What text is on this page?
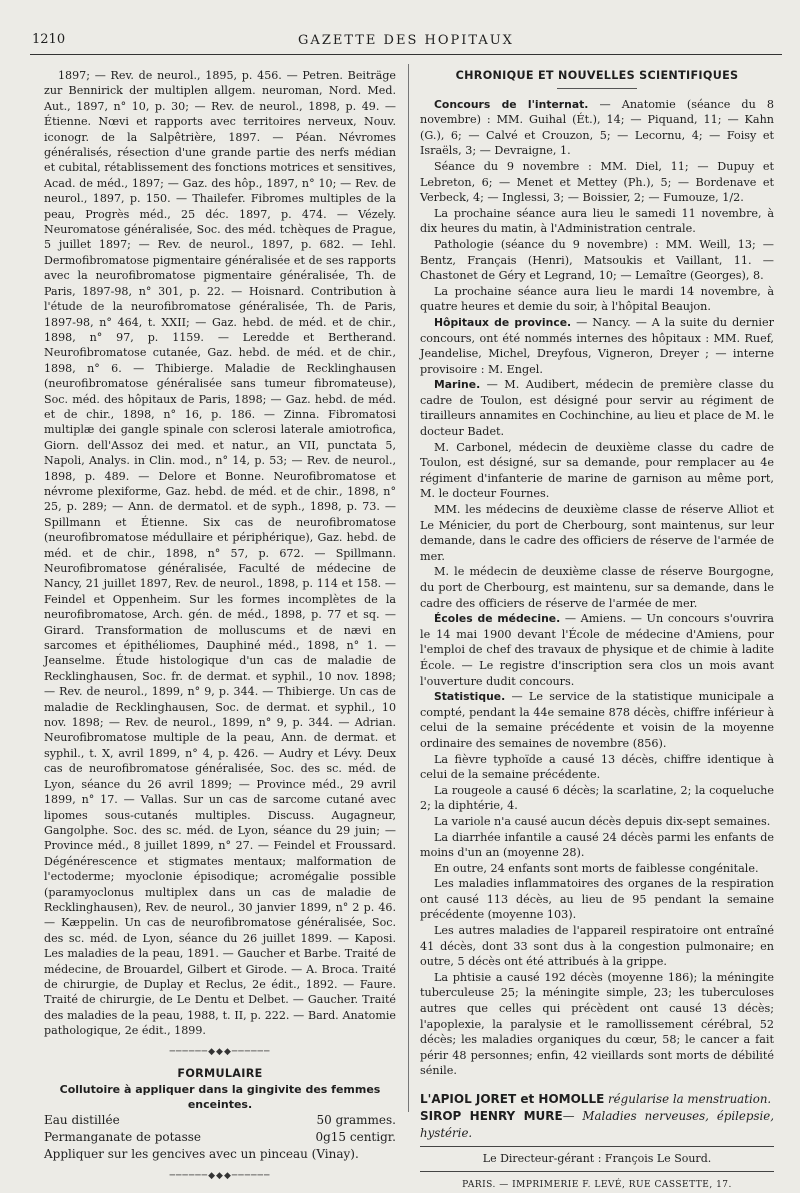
1210	GAZETTE DES HOPITAUX

1897; — Rev. de neurol., 1895, p. 456. — Petren. Beiträge zur Bennirick der multiplen allgem. neuroman, Nord. Med. Aut., 1897, n° 10, p. 30; — Rev. de neurol., 1898, p. 49. — Étienne. Nœvi et rapports avec territoires nerveux, Nouv. iconogr. de la Salpêtrière, 1897. — Péan. Névromes généralisés, résection d'une grande partie des nerfs médian et cubital, rétablissement des fonctions motrices et sensitives, Acad. de méd., 1897; — Gaz. des hôp., 1897, n° 10; — Rev. de neurol., 1897, p. 150. — Thailefer. Fibromes multiples de la peau, Progrès méd., 25 déc. 1897, p. 474. — Vézely. Neuromatose généralisée, Soc. des méd. tchèques de Prague, 5 juillet 1897; — Rev. de neurol., 1897, p. 682. — Iehl. Dermofibromatose pigmentaire généralisée et de ses rapports avec la neurofibromatose pigmentaire généralisée, Th. de Paris, 1897-98, n° 301, p. 22. — Hoisnard. Contribution à l'étude de la neurofibromatose généralisée, Th. de Paris, 1897-98, n° 464, t. XXII; — Gaz. hebd. de méd. et de chir., 1898, n° 97, p. 1159. — Leredde et Bertherand. Neurofibromatose cutanée, Gaz. hebd. de méd. et de chir., 1898, n° 6. — Thibierge. Maladie de Recklinghausen (neurofibromatose généralisée sans tumeur fibromateuse), Soc. méd. des hôpitaux de Paris, 1898; — Gaz. hebd. de méd. et de chir., 1898, n° 16, p. 186. — Zinna. Fibromatosi multiplæ dei gangle spinale con sclerosi laterale amiotrofica, Giorn. dell'Assoz dei med. et natur., an VII, punctata 5, Napoli, Analys. in Clin. mod., n° 14, p. 53; — Rev. de neurol., 1898, p. 489. — Delore et Bonne. Neurofibromatose et névrome plexiforme, Gaz. hebd. de méd. et de chir., 1898, n° 25, p. 289; — Ann. de dermatol. et de syph., 1898, p. 73. — Spillmann et Étienne. Six cas de neurofibromatose (neurofibromatose médullaire et périphérique), Gaz. hebd. de méd. et de chir., 1898, n° 57, p. 672. — Spillmann. Neurofibromatose généralisée, Faculté de médecine de Nancy, 21 juillet 1897, Rev. de neurol., 1898, p. 114 et 158. — Feindel et Oppenheim. Sur les formes incomplètes de la neurofibromatose, Arch. gén. de méd., 1898, p. 77 et sq. — Girard. Transformation de molluscums et de nævi en sarcomes et épithéliomes, Dauphiné méd., 1898, n° 1. — Jeanselme. Étude histologique d'un cas de maladie de Recklinghausen, Soc. fr. de dermat. et syphil., 10 nov. 1898; — Rev. de neurol., 1899, n° 9, p. 344. — Thibierge. Un cas de maladie de Recklinghausen, Soc. de dermat. et syphil., 10 nov. 1898; — Rev. de neurol., 1899, n° 9, p. 344. — Adrian. Neurofibromatose multiple de la peau, Ann. de dermat. et syphil., t. X, avril 1899, n° 4, p. 426. — Audry et Lévy. Deux cas de neurofibromatose généralisée, Soc. des sc. méd. de Lyon, séance du 26 avril 1899; — Province méd., 29 avril 1899, n° 17. — Vallas. Sur un cas de sarcome cutané avec lipomes sous-cutanés multiples. Discuss. Augagneur, Gangolphe. Soc. des sc. méd. de Lyon, séance du 29 juin; — Province méd., 8 juillet 1899, n° 27. — Feindel et Froussard. Dégénérescence et stigmates mentaux; malformation de l'ectoderme; myoclonie épisodique; acromégalie possible (paramyoclonus multiplex dans un cas de maladie de Recklinghausen), Rev. de neurol., 30 janvier 1899, n° 2 p. 46. — Kæppelin. Un cas de neurofibromatose généralisée, Soc. des sc. méd. de Lyon, séance du 26 juillet 1899. — Kaposi. Les maladies de la peau, 1891. — Gaucher et Barbe. Traité de médecine, de Brouardel, Gilbert et Girode. — A. Broca. Traité de chirurgie, de Duplay et Reclus, 2e édit., 1892. — Faure. Traité de chirurgie, de Le Dentu et Delbet. — Gaucher. Traité des maladies de la peau, 1988, t. II, p. 222. — Bard. Anatomie pathologique, 2e édit., 1899.

──────◆◆◆──────

FORMULAIRE

Collutoire à appliquer dans la gingivite des femmes enceintes.

Eau distillée	50 grammes.
Permanganate de potasse	0g15 centigr.
Appliquer sur les gencives avec un pinceau (Vinay).
──────◆◆◆──────

CHRONIQUE ET NOUVELLES SCIENTIFIQUES

Concours de l'internat. — Anatomie (séance du 8 novembre) : MM. Guihal (Ét.), 14; — Piquand, 11; — Kahn (G.), 6; — Calvé et Crouzon, 5; — Lecornu, 4; — Foisy et Israëls, 3; — Devraigne, 1.

Séance du 9 novembre : MM. Diel, 11; — Dupuy et Lebreton, 6; — Menet et Mettey (Ph.), 5; — Bordenave et Verbeck, 4; — Inglessi, 3; — Boissier, 2; — Fumouze, 1/2.

La prochaine séance aura lieu le samedi 11 novembre, à dix heures du matin, à l'Administration centrale.

Pathologie (séance du 9 novembre) : MM. Weill, 13; — Bentz, Français (Henri), Matsoukis et Vaillant, 11. — Chastonet de Géry et Legrand, 10; — Lemaître (Georges), 8.

La prochaine séance aura lieu le mardi 14 novembre, à quatre heures et demie du soir, à l'hôpital Beaujon.

Hôpitaux de province. — Nancy. — A la suite du dernier concours, ont été nommés internes des hôpitaux : MM. Ruef, Jeandelise, Michel, Dreyfous, Vigneron, Dreyer ; — interne provisoire : M. Engel.

Marine. — M. Audibert, médecin de première classe du cadre de Toulon, est désigné pour servir au régiment de tirailleurs annamites en Cochinchine, au lieu et place de M. le docteur Badet.

M. Carbonel, médecin de deuxième classe du cadre de Toulon, est désigné, sur sa demande, pour remplacer au 4e régiment d'infanterie de marine de garnison au même port, M. le docteur Fournes.

MM. les médecins de deuxième classe de réserve Alliot et Le Ménicier, du port de Cherbourg, sont maintenus, sur leur demande, dans le cadre des officiers de réserve de l'armée de mer.

M. le médecin de deuxième classe de réserve Bourgogne, du port de Cherbourg, est maintenu, sur sa demande, dans le cadre des officiers de réserve de l'armée de mer.

Écoles de médecine. — Amiens. — Un concours s'ouvrira le 14 mai 1900 devant l'École de médecine d'Amiens, pour l'emploi de chef des travaux de physique et de chimie à ladite École. — Le registre d'inscription sera clos un mois avant l'ouverture dudit concours.

Statistique. — Le service de la statistique municipale a compté, pendant la 44e semaine 878 décès, chiffre inférieur à celui de la semaine précédente et voisin de la moyenne ordinaire des semaines de novembre (856).

La fièvre typhoïde a causé 13 décès, chiffre identique à celui de la semaine précédente.

La rougeole a causé 6 décès; la scarlatine, 2; la coqueluche 2; la diphtérie, 4.

La variole n'a causé aucun décès depuis dix-sept semaines.

La diarrhée infantile a causé 24 décès parmi les enfants de moins d'un an (moyenne 28).

En outre, 24 enfants sont morts de faiblesse congénitale.

Les maladies inflammatoires des organes de la respiration ont causé 113 décès, au lieu de 95 pendant la semaine précédente (moyenne 103).

Les autres maladies de l'appareil respiratoire ont entraîné 41 décès, dont 33 sont dus à la congestion pulmonaire; en outre, 5 décès ont été attribués à la grippe.

La phtisie a causé 192 décès (moyenne 186); la méningite tuberculeuse 25; la méningite simple, 23; les tuberculoses autres que celles qui précèdent ont causé 13 décès; l'apoplexie, la paralysie et le ramollissement cérébral, 52 décès; les maladies organiques du cœur, 58; le cancer a fait périr 48 personnes; enfin, 42 vieillards sont morts de débilité sénile.

L'APIOL JORET et HOMOLLE régularise la menstruation.
SIROP HENRY MURE— Maladies nerveuses, épilepsie, hystérie.
Le Directeur-gérant : François Le Sourd.
PARIS. — IMPRIMERIE F. LEVÉ, RUE CASSETTE, 17.
